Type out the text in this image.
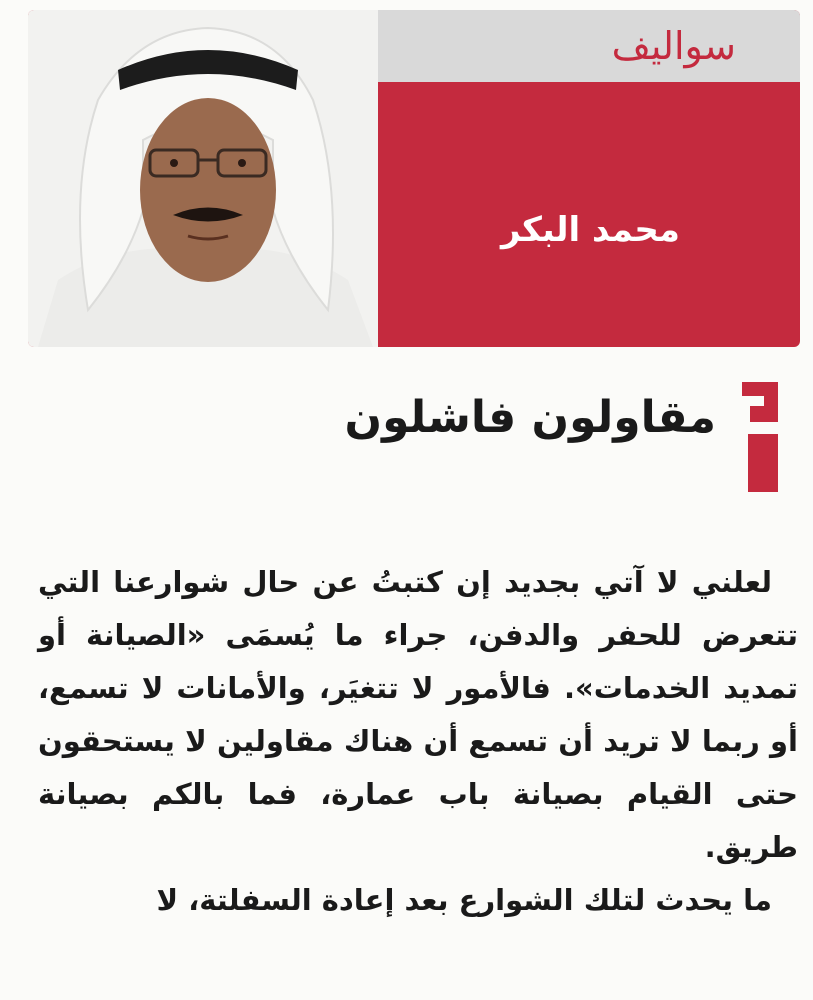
سواليف
محمد البكر
مقاولون فاشلون

لعلني لا آتي بجديد إن كتبتُ عن حال شوارعنا التي تتعرض للحفر والدفن، جراء ما يُسمَى «الصيانة أو تمديد الخدمات». فالأمور لا تتغيَر، والأمانات لا تسمع، أو ربما لا تريد أن تسمع أن هناك مقاولين لا يستحقون حتى القيام بصيانة باب عمارة، فما بالكم بصيانة طريق.

ما يحدث لتلك الشوارع بعد إعادة السفلتة، لا
